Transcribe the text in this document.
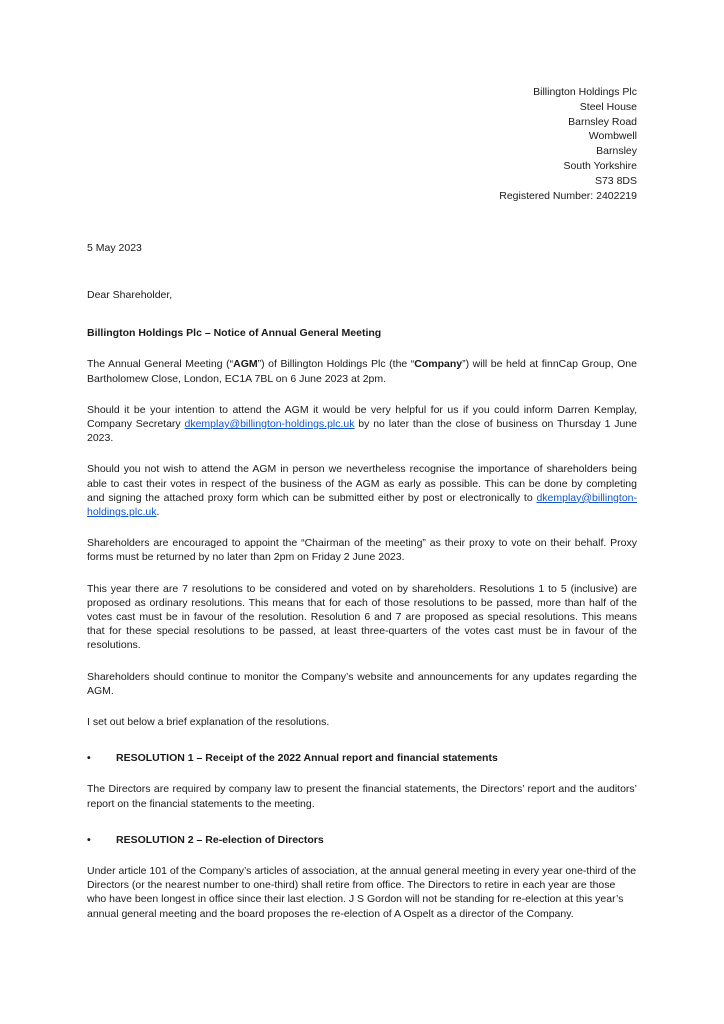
Billington Holdings Plc
Steel House
Barnsley Road
Wombwell
Barnsley
South Yorkshire
S73 8DS
Registered Number: 2402219
5 May 2023
Dear Shareholder,
Billington Holdings Plc – Notice of Annual General Meeting

The Annual General Meeting (“AGM”) of Billington Holdings Plc (the “Company”) will be held at finnCap Group, One Bartholomew Close, London, EC1A 7BL on 6 June 2023 at 2pm.

Should it be your intention to attend the AGM it would be very helpful for us if you could inform Darren Kemplay, Company Secretary dkemplay@billington-holdings.plc.uk by no later than the close of business on Thursday 1 June 2023.

Should you not wish to attend the AGM in person we nevertheless recognise the importance of shareholders being able to cast their votes in respect of the business of the AGM as early as possible. This can be done by completing and signing the attached proxy form which can be submitted either by post or electronically to dkemplay@billington-holdings.plc.uk.

Shareholders are encouraged to appoint the “Chairman of the meeting” as their proxy to vote on their behalf. Proxy forms must be returned by no later than 2pm on Friday 2 June 2023.

This year there are 7 resolutions to be considered and voted on by shareholders. Resolutions 1 to 5 (inclusive) are proposed as ordinary resolutions. This means that for each of those resolutions to be passed, more than half of the votes cast must be in favour of the resolution. Resolution 6 and 7 are proposed as special resolutions. This means that for these special resolutions to be passed, at least three-quarters of the votes cast must be in favour of the resolutions.

Shareholders should continue to monitor the Company’s website and announcements for any updates regarding the AGM.

I set out below a brief explanation of the resolutions.

•	RESOLUTION 1 – Receipt of the 2022 Annual report and financial statements

The Directors are required by company law to present the financial statements, the Directors’ report and the auditors’ report on the financial statements to the meeting.

•	RESOLUTION 2 – Re-election of Directors

Under article 101 of the Company’s articles of association, at the annual general meeting in every year one-third of the Directors (or the nearest number to one-third) shall retire from office. The Directors to retire in each year are those who have been longest in office since their last election. J S Gordon will not be standing for re-election at this year’s annual general meeting and the board proposes the re-election of A Ospelt as a director of the Company.
